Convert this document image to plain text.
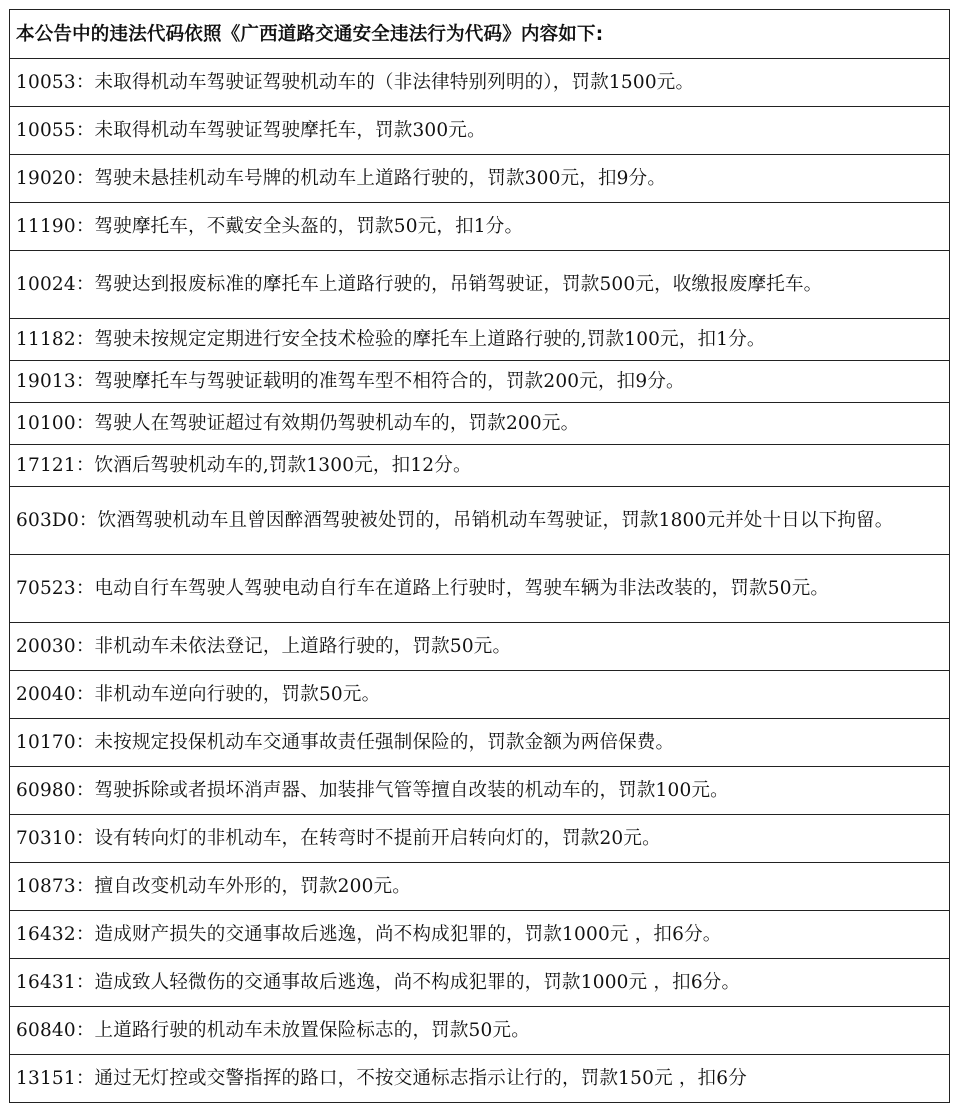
本公告中的违法代码依照《广西道路交通安全违法行为代码》内容如下:
10053：未取得机动车驾驶证驾驶机动车的（非法律特别列明的），罚款1500元。
10055：未取得机动车驾驶证驾驶摩托车，罚款300元。
19020：驾驶未悬挂机动车号牌的机动车上道路行驶的，罚款300元，扣9分。
11190：驾驶摩托车，不戴安全头盔的，罚款50元，扣1分。
10024：驾驶达到报废标准的摩托车上道路行驶的，吊销驾驶证，罚款500元，收缴报废摩托车。
11182：驾驶未按规定定期进行安全技术检验的摩托车上道路行驶的,罚款100元，扣1分。
19013：驾驶摩托车与驾驶证载明的准驾车型不相符合的，罚款200元，扣9分。
10100：驾驶人在驾驶证超过有效期仍驾驶机动车的，罚款200元。
17121：饮酒后驾驶机动车的,罚款1300元，扣12分。
603D0：饮酒驾驶机动车且曾因醉酒驾驶被处罚的，吊销机动车驾驶证，罚款1800元并处十日以下拘留。
70523：电动自行车驾驶人驾驶电动自行车在道路上行驶时，驾驶车辆为非法改装的，罚款50元。
20030：非机动车未依法登记，上道路行驶的，罚款50元。
20040：非机动车逆向行驶的，罚款50元。
10170：未按规定投保机动车交通事故责任强制保险的，罚款金额为两倍保费。
60980：驾驶拆除或者损坏消声器、加装排气管等擅自改装的机动车的，罚款100元。
70310：设有转向灯的非机动车，在转弯时不提前开启转向灯的，罚款20元。
10873：擅自改变机动车外形的，罚款200元。
16432：造成财产损失的交通事故后逃逸，尚不构成犯罪的，罚款1000元 ，扣6分。
16431：造成致人轻微伤的交通事故后逃逸，尚不构成犯罪的，罚款1000元 ，扣6分。
60840：上道路行驶的机动车未放置保险标志的，罚款50元。
13151：通过无灯控或交警指挥的路口，不按交通标志指示让行的，罚款150元 ，扣6分
